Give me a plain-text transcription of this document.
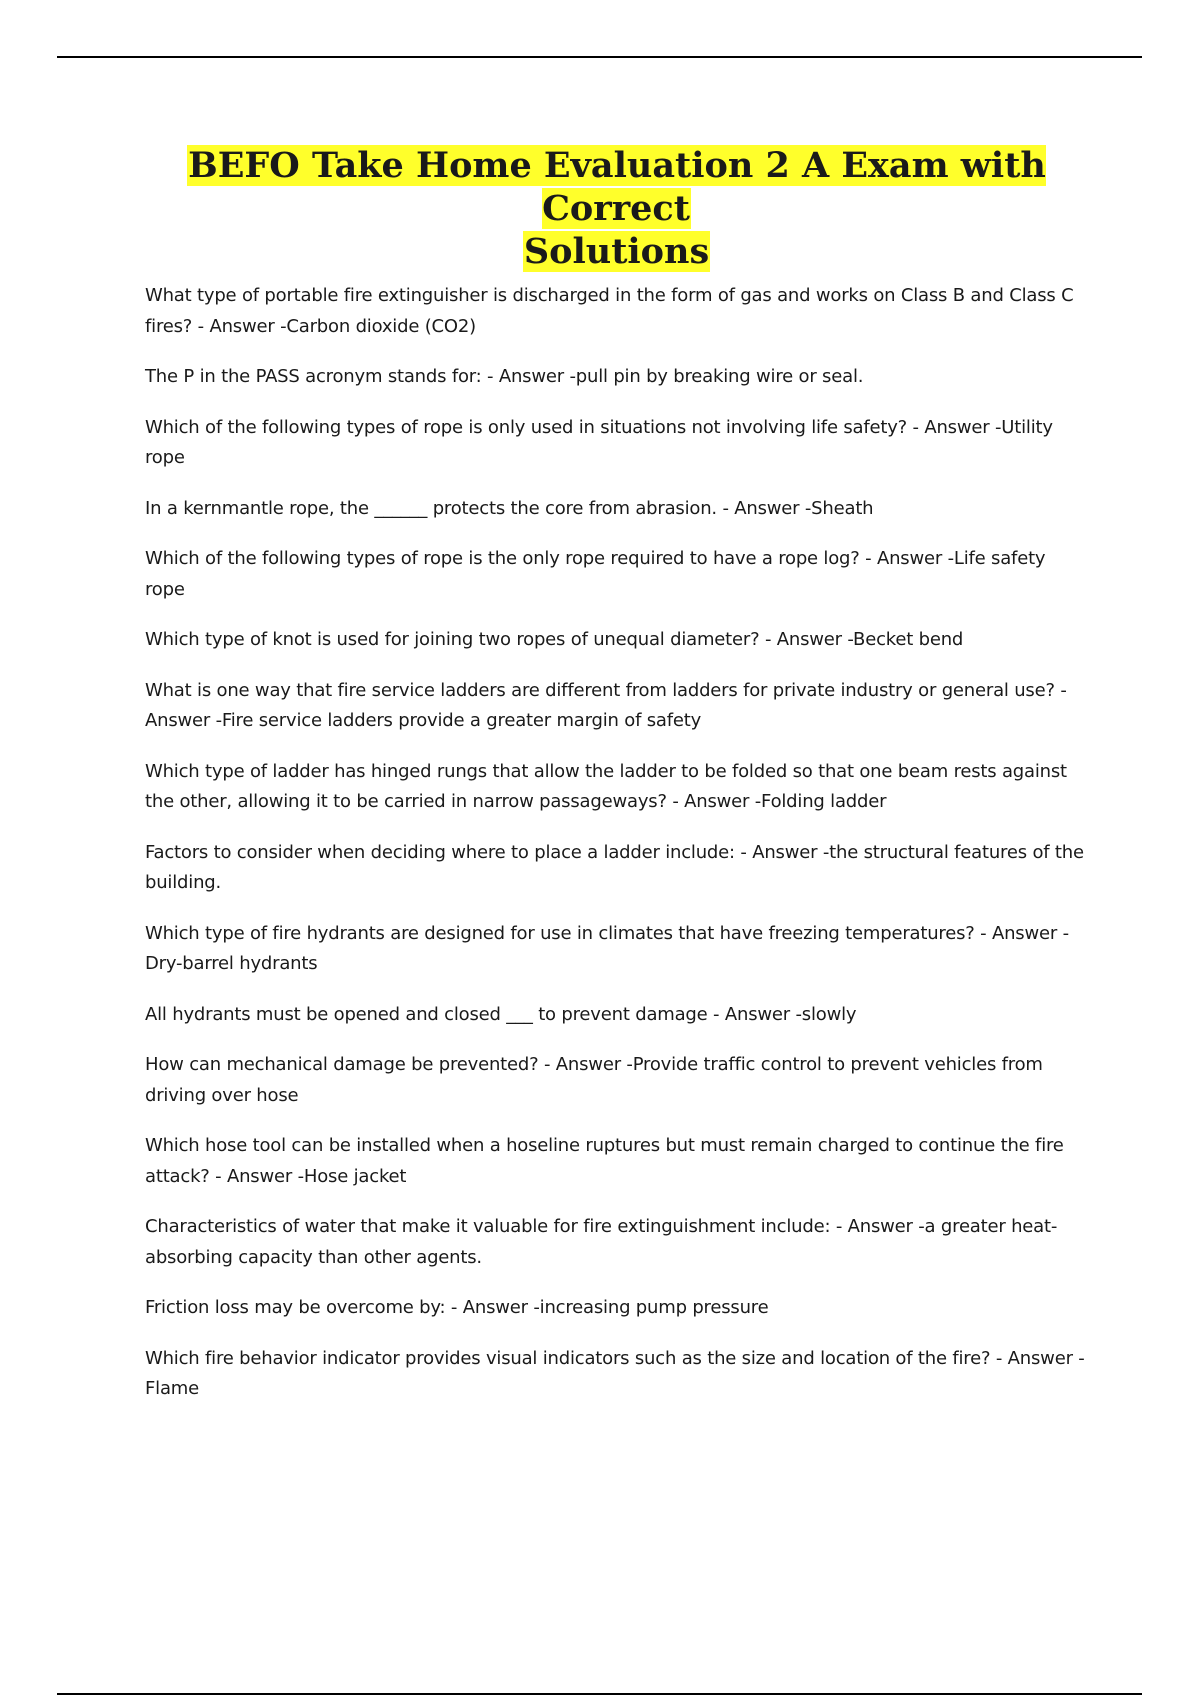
BEFO Take Home Evaluation 2 A Exam with Correct
Solutions

What type of portable fire extinguisher is discharged in the form of gas and works on Class B and Class C fires? - Answer -Carbon dioxide (CO2)

The P in the PASS acronym stands for: - Answer -pull pin by breaking wire or seal.

Which of the following types of rope is only used in situations not involving life safety? - Answer -Utility rope

In a kernmantle rope, the ______ protects the core from abrasion. - Answer -Sheath

Which of the following types of rope is the only rope required to have a rope log? - Answer -Life safety rope

Which type of knot is used for joining two ropes of unequal diameter? - Answer -Becket bend

What is one way that fire service ladders are different from ladders for private industry or general use? - Answer -Fire service ladders provide a greater margin of safety

Which type of ladder has hinged rungs that allow the ladder to be folded so that one beam rests against the other, allowing it to be carried in narrow passageways? - Answer -Folding ladder

Factors to consider when deciding where to place a ladder include: - Answer -the structural features of the building.

Which type of fire hydrants are designed for use in climates that have freezing temperatures? - Answer - Dry-barrel hydrants

All hydrants must be opened and closed ___ to prevent damage - Answer -slowly

How can mechanical damage be prevented? - Answer -Provide traffic control to prevent vehicles from driving over hose

Which hose tool can be installed when a hoseline ruptures but must remain charged to continue the fire attack? - Answer -Hose jacket

Characteristics of water that make it valuable for fire extinguishment include: - Answer -a greater heat-absorbing capacity than other agents.

Friction loss may be overcome by: - Answer -increasing pump pressure

Which fire behavior indicator provides visual indicators such as the size and location of the fire? - Answer -Flame
